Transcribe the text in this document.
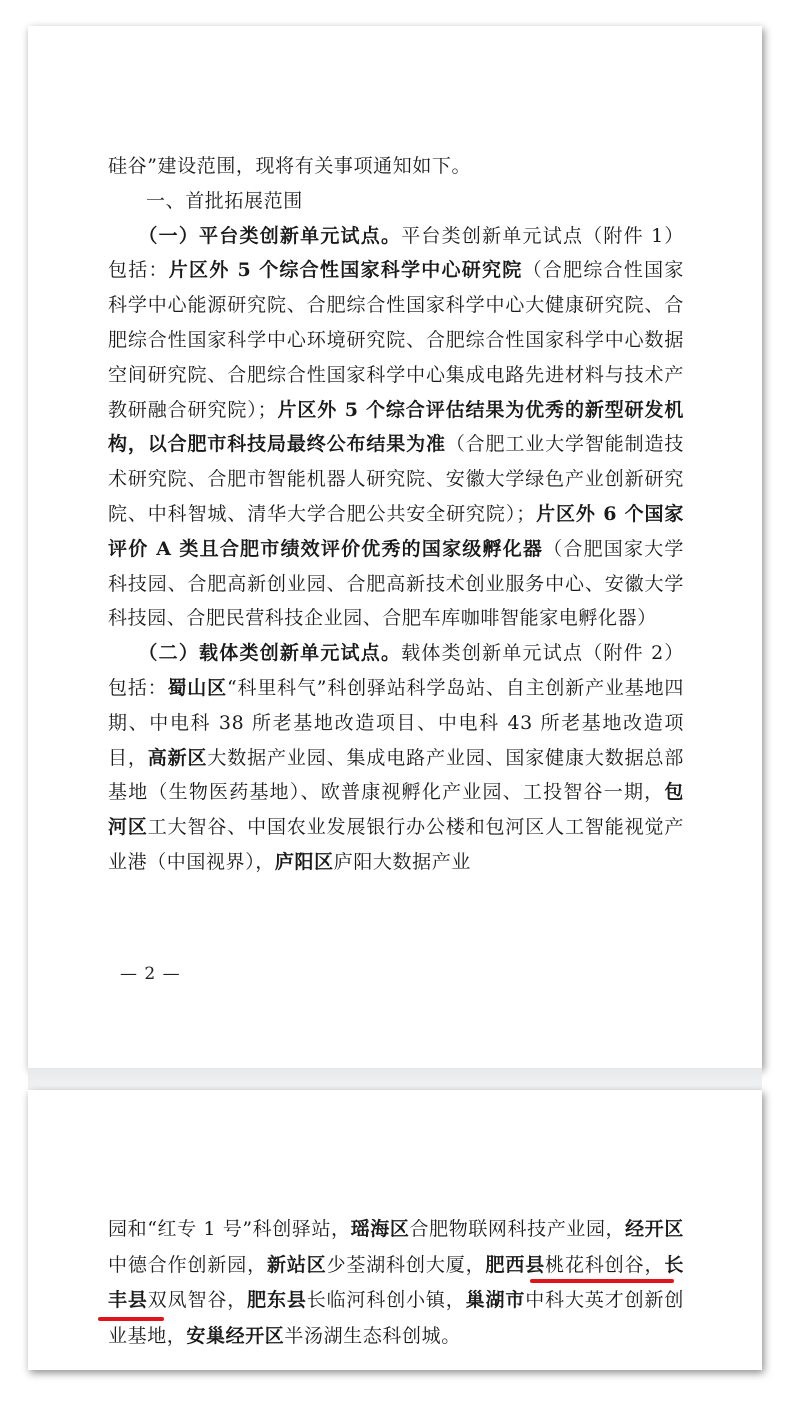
硅谷”建设范围，现将有关事项通知如下。

一、首批拓展范围

（一）平台类创新单元试点。平台类创新单元试点（附件 1）包括：片区外 5 个综合性国家科学中心研究院（合肥综合性国家科学中心能源研究院、合肥综合性国家科学中心大健康研究院、合肥综合性国家科学中心环境研究院、合肥综合性国家科学中心数据空间研究院、合肥综合性国家科学中心集成电路先进材料与技术产教研融合研究院）；片区外 5 个综合评估结果为优秀的新型研发机构，以合肥市科技局最终公布结果为准（合肥工业大学智能制造技术研究院、合肥市智能机器人研究院、安徽大学绿色产业创新研究院、中科智城、清华大学合肥公共安全研究院）；片区外 6 个国家评价 A 类且合肥市绩效评价优秀的国家级孵化器（合肥国家大学科技园、合肥高新创业园、合肥高新技术创业服务中心、安徽大学科技园、合肥民营科技企业园、合肥车库咖啡智能家电孵化器）

（二）载体类创新单元试点。载体类创新单元试点（附件 2）包括：蜀山区“科里科气”科创驿站科学岛站、自主创新产业基地四期、中电科 38 所老基地改造项目、中电科 43 所老基地改造项目，高新区大数据产业园、集成电路产业园、国家健康大数据总部基地（生物医药基地）、欧普康视孵化产业园、工投智谷一期，包河区工大智谷、中国农业发展银行办公楼和包河区人工智能视觉产业港（中国视界），庐阳区庐阳大数据产业

— 2 —

园和“红专 1 号”科创驿站，瑶海区合肥物联网科技产业园，经开区中德合作创新园，新站区少荃湖科创大厦，肥西县桃花科创谷，长丰县双凤智谷，肥东县长临河科创小镇，巢湖市中科大英才创新创业基地，安巢经开区半汤湖生态科创城。
